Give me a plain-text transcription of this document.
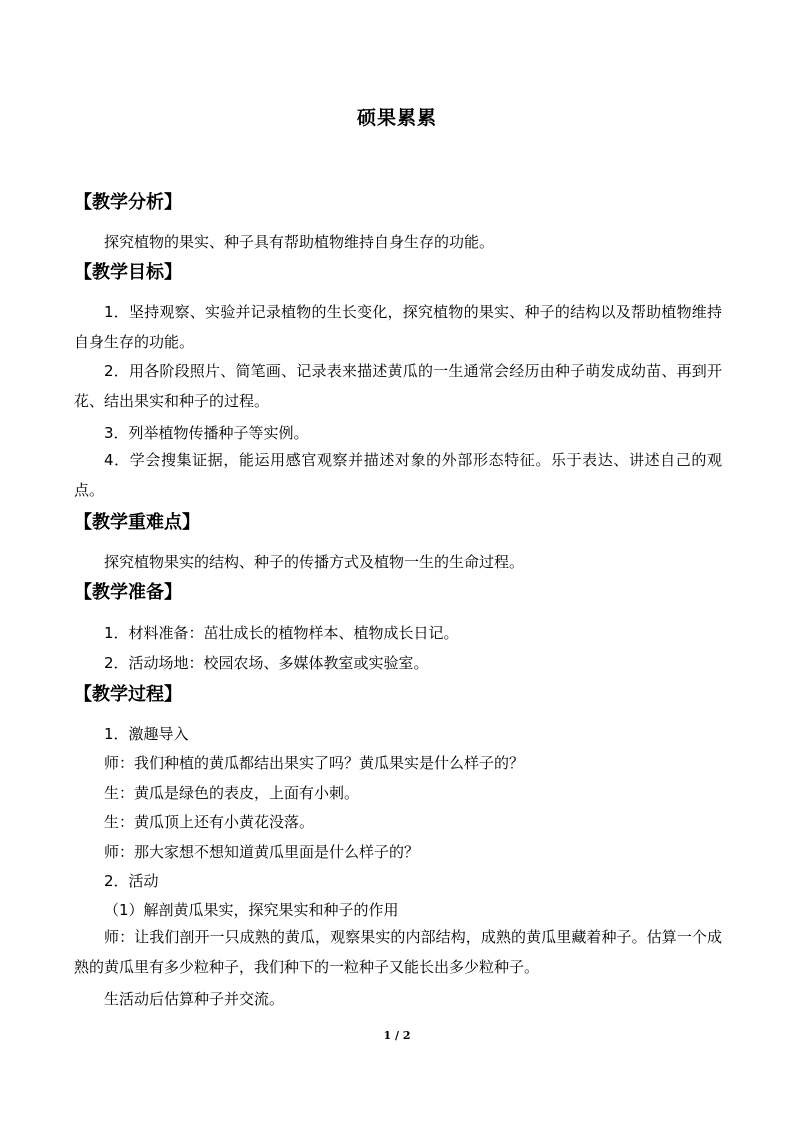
硕果累累
【教学分析】
探究植物的果实、种子具有帮助植物维持自身生存的功能。
【教学目标】
1．坚持观察、实验并记录植物的生长变化，探究植物的果实、种子的结构以及帮助植物维持自身生存的功能。
2．用各阶段照片、简笔画、记录表来描述黄瓜的一生通常会经历由种子萌发成幼苗、再到开花、结出果实和种子的过程。
3．列举植物传播种子等实例。
4．学会搜集证据，能运用感官观察并描述对象的外部形态特征。乐于表达、讲述自己的观点。
【教学重难点】
探究植物果实的结构、种子的传播方式及植物一生的生命过程。
【教学准备】
1．材料准备：茁壮成长的植物样本、植物成长日记。
2．活动场地：校园农场、多媒体教室或实验室。
【教学过程】
1．激趣导入
师：我们种植的黄瓜都结出果实了吗？黄瓜果实是什么样子的？
生：黄瓜是绿色的表皮，上面有小刺。
生：黄瓜顶上还有小黄花没落。
师：那大家想不想知道黄瓜里面是什么样子的？
2．活动
（1）解剖黄瓜果实，探究果实和种子的作用
师：让我们剖开一只成熟的黄瓜，观察果实的内部结构，成熟的黄瓜里藏着种子。估算一个成熟的黄瓜里有多少粒种子，我们种下的一粒种子又能长出多少粒种子。
生活动后估算种子并交流。
1 / 2
